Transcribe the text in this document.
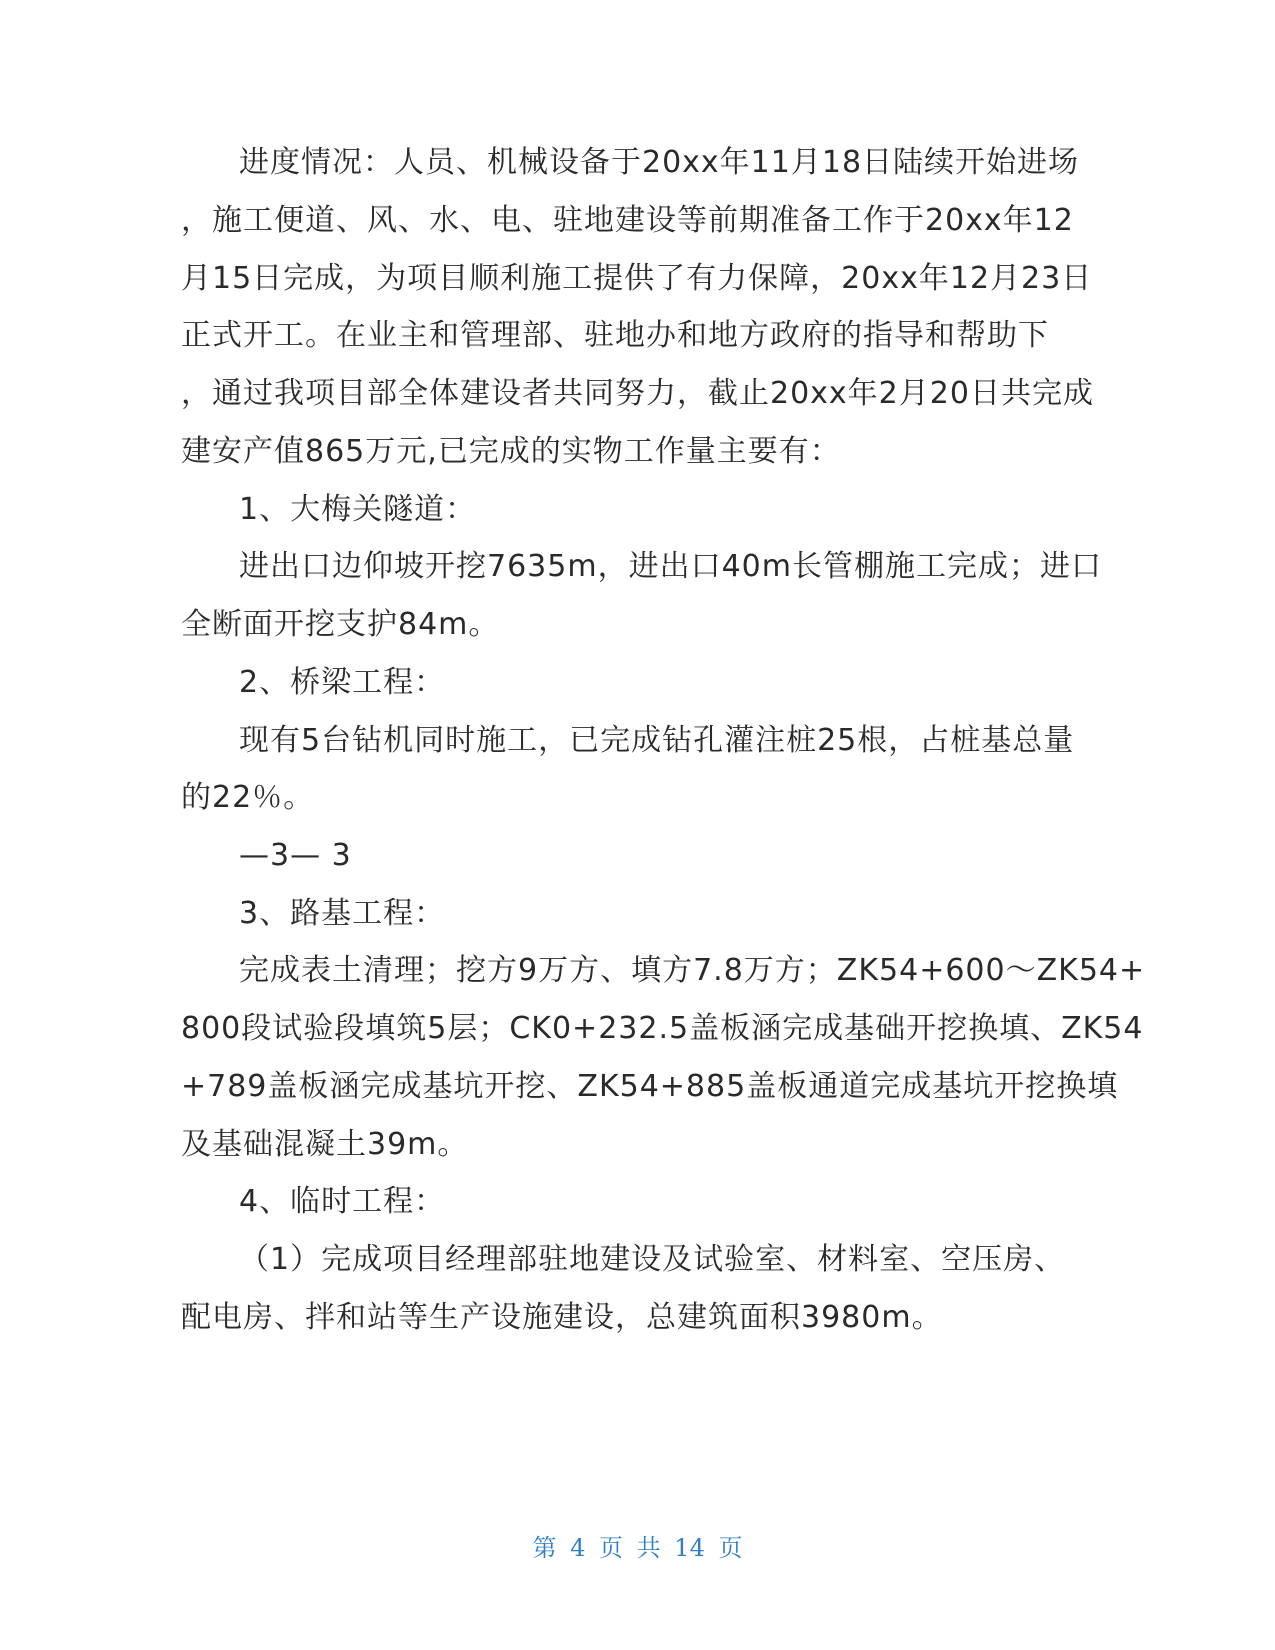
进度情况：人员、机械设备于20xx年11月18日陆续开始进场
，施工便道、风、水、电、驻地建设等前期准备工作于20xx年12
月15日完成，为项目顺利施工提供了有力保障，20xx年12月23日
正式开工。在业主和管理部、驻地办和地方政府的指导和帮助下
，通过我项目部全体建设者共同努力，截止20xx年2月20日共完成
建安产值865万元,已完成的实物工作量主要有：
1、大梅关隧道：
进出口边仰坡开挖7635m，进出口40m长管棚施工完成；进口
全断面开挖支护84m。
2、桥梁工程：
现有5台钻机同时施工，已完成钻孔灌注桩25根，占桩基总量
的22％。
—3— 3
3、路基工程：
完成表土清理；挖方9万方、填方7.8万方；ZK54+600～ZK54+
800段试验段填筑5层；CK0+232.5盖板涵完成基础开挖换填、ZK54
+789盖板涵完成基坑开挖、ZK54+885盖板通道完成基坑开挖换填
及基础混凝土39m。
4、临时工程：
（1）完成项目经理部驻地建设及试验室、材料室、空压房、
配电房、拌和站等生产设施建设，总建筑面积3980m。
第 4 页 共 14 页
